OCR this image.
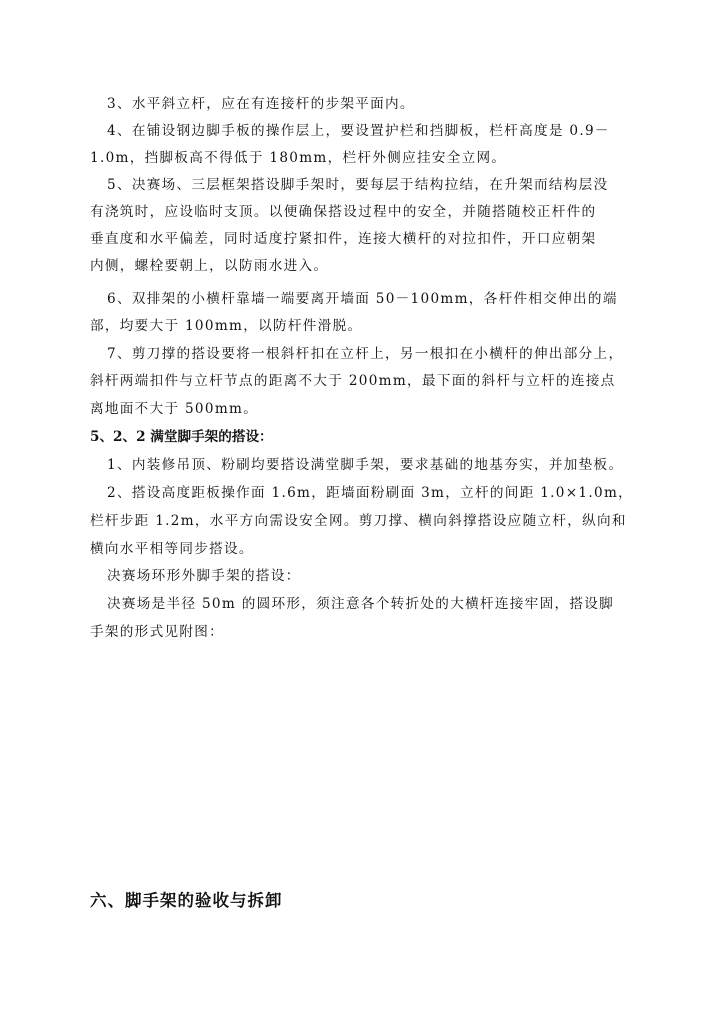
3、水平斜立杆，应在有连接杆的步架平面内。
4、在铺设钢边脚手板的操作层上，要设置护栏和挡脚板，栏杆高度是 0.9－
1.0m，挡脚板高不得低于 180mm，栏杆外侧应挂安全立网。
5、决赛场、三层框架搭设脚手架时，要每层于结构拉结，在升架而结构层没
有浇筑时，应设临时支顶。以便确保搭设过程中的安全，并随搭随校正杆件的
垂直度和水平偏差，同时适度拧紧扣件，连接大横杆的对拉扣件，开口应朝架
内侧，螺栓要朝上，以防雨水进入。
6、双排架的小横杆靠墙一端要离开墙面 50－100mm，各杆件相交伸出的端
部，均要大于 100mm，以防杆件滑脱。
7、剪刀撑的搭设要将一根斜杆扣在立杆上，另一根扣在小横杆的伸出部分上，
斜杆两端扣件与立杆节点的距离不大于 200mm，最下面的斜杆与立杆的连接点
离地面不大于 500mm。
5、2、2 满堂脚手架的搭设：
1、内装修吊顶、粉刷均要搭设满堂脚手架，要求基础的地基夯实，并加垫板。
2、搭设高度距板操作面 1.6m，距墙面粉刷面 3m，立杆的间距 1.0×1.0m，
栏杆步距 1.2m，水平方向需设安全网。剪刀撑、横向斜撑搭设应随立杆，纵向和
横向水平相等同步搭设。
决赛场环形外脚手架的搭设：
决赛场是半径 50m 的圆环形，须注意各个转折处的大横杆连接牢固，搭设脚
手架的形式见附图：
六、脚手架的验收与拆卸
